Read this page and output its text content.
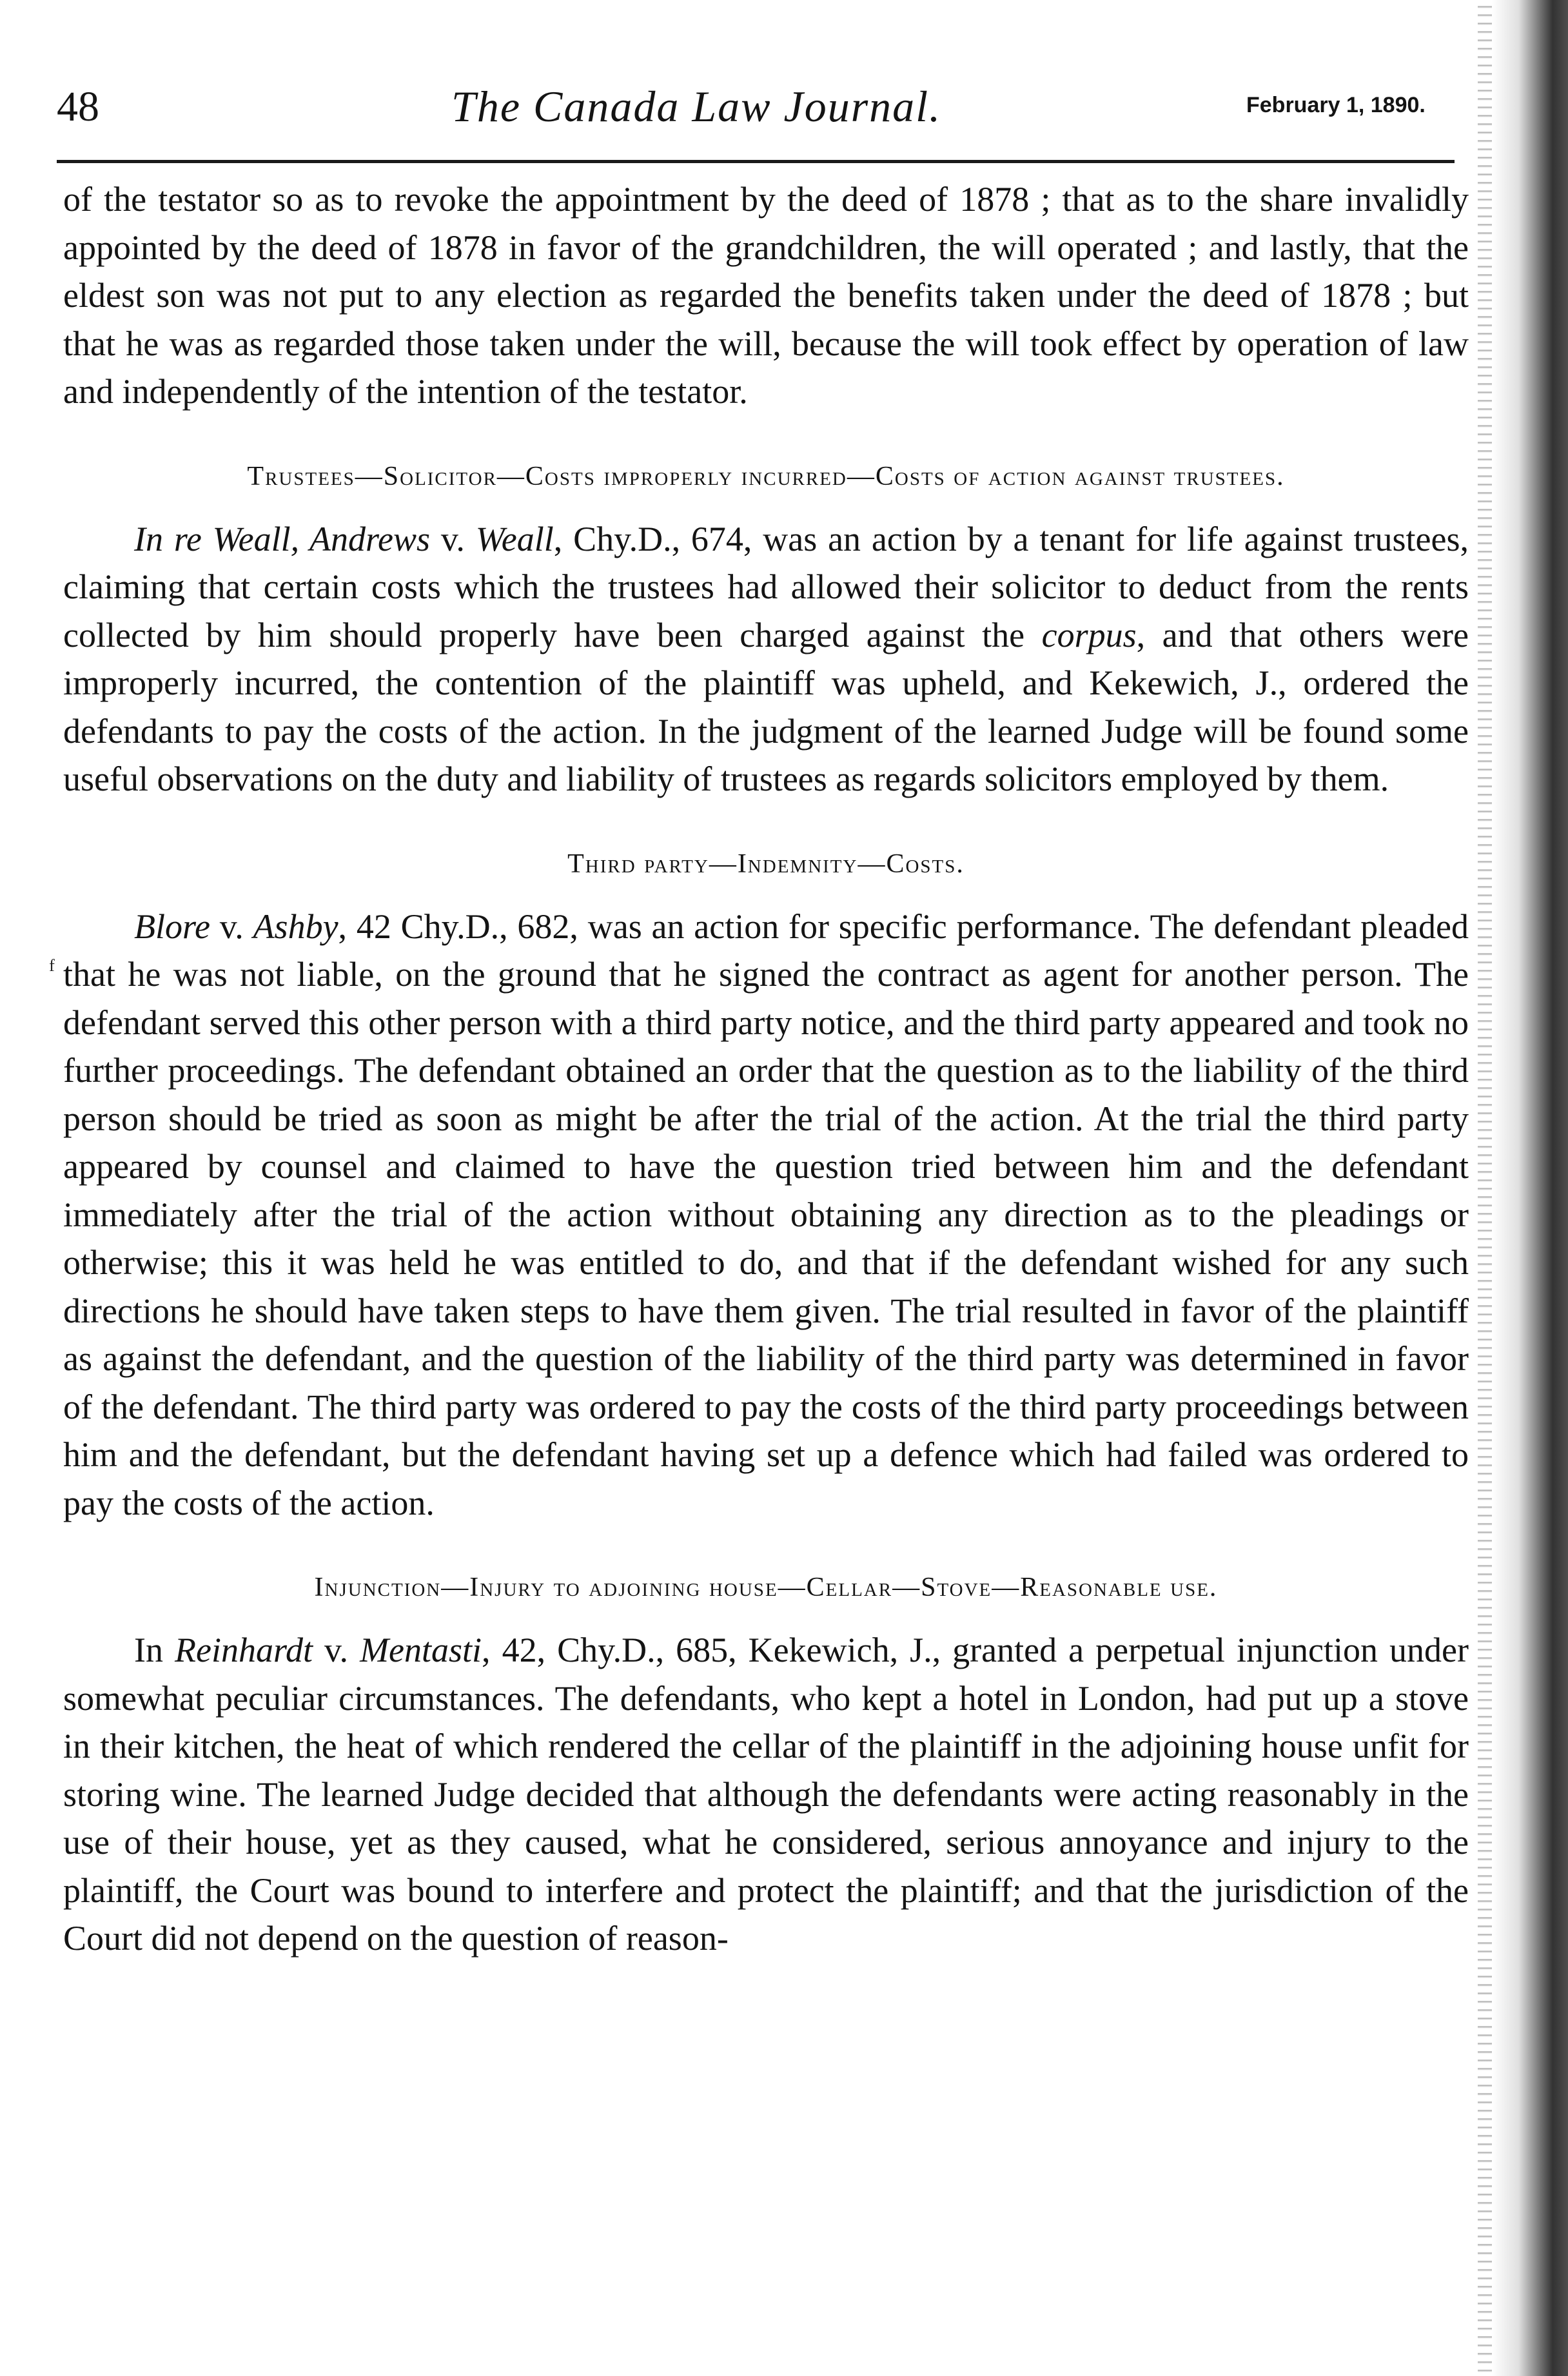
48	The Canada Law Journal.	February 1, 1890.
ᶠ

of the testator so as to revoke the appointment by the deed of 1878 ; that as to the share invalidly appointed by the deed of 1878 in favor of the grandchildren, the will operated ; and lastly, that the eldest son was not put to any election as regarded the benefits taken under the deed of 1878 ; but that he was as regarded those taken under the will, because the will took effect by operation of law and independently of the intention of the testator.

Trustees—Solicitor—Costs improperly incurred—Costs of action against trustees.

In re Weall, Andrews v. Weall, Chy.D., 674, was an action by a tenant for life against trustees, claiming that certain costs which the trustees had allowed their solicitor to deduct from the rents collected by him should properly have been charged against the corpus, and that others were improperly incurred, the contention of the plaintiff was upheld, and Kekewich, J., ordered the defendants to pay the costs of the action. In the judgment of the learned Judge will be found some useful observations on the duty and liability of trustees as regards solicitors employed by them.

Third party—Indemnity—Costs.

Blore v. Ashby, 42 Chy.D., 682, was an action for specific performance. The defendant pleaded that he was not liable, on the ground that he signed the contract as agent for another person. The defendant served this other person with a third party notice, and the third party appeared and took no further proceedings. The defendant obtained an order that the question as to the liability of the third person should be tried as soon as might be after the trial of the action. At the trial the third party appeared by counsel and claimed to have the question tried between him and the defendant immediately after the trial of the action without obtaining any direction as to the pleadings or otherwise; this it was held he was entitled to do, and that if the defendant wished for any such directions he should have taken steps to have them given. The trial resulted in favor of the plaintiff as against the defendant, and the question of the liability of the third party was determined in favor of the defendant. The third party was ordered to pay the costs of the third party proceedings between him and the defendant, but the defendant having set up a defence which had failed was ordered to pay the costs of the action.

Injunction—Injury to adjoining house—Cellar—Stove—Reasonable use.

In Reinhardt v. Mentasti, 42, Chy.D., 685, Kekewich, J., granted a perpetual injunction under somewhat peculiar circumstances. The defendants, who kept a hotel in London, had put up a stove in their kitchen, the heat of which rendered the cellar of the plaintiff in the adjoining house unfit for storing wine. The learned Judge decided that although the defendants were acting reasonably in the use of their house, yet as they caused, what he considered, serious annoyance and injury to the plaintiff, the Court was bound to interfere and protect the plaintiff; and that the jurisdiction of the Court did not depend on the question of reason-
